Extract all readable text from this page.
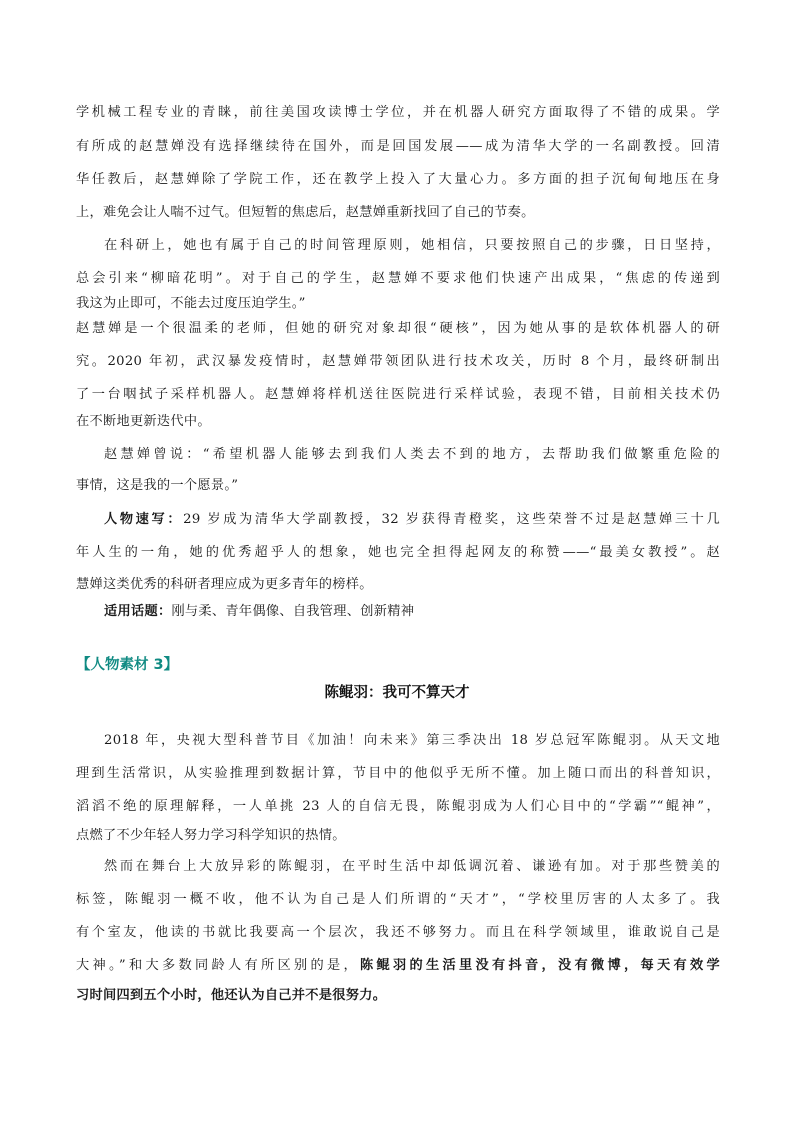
学机械工程专业的青睐，前往美国攻读博士学位，并在机器人研究方面取得了不错的成果。学
有所成的赵慧婵没有选择继续待在国外，而是回国发展——成为清华大学的一名副教授。回清
华任教后，赵慧婵除了学院工作，还在教学上投入了大量心力。多方面的担子沉甸甸地压在身
上，难免会让人喘不过气。但短暂的焦虑后，赵慧婵重新找回了自己的节奏。
在科研上，她也有属于自己的时间管理原则，她相信，只要按照自己的步骤，日日坚持，
总会引来“柳暗花明”。对于自己的学生，赵慧婵不要求他们快速产出成果，“焦虑的传递到
我这为止即可，不能去过度压迫学生。”
赵慧婵是一个很温柔的老师，但她的研究对象却很“硬核”，因为她从事的是软体机器人的研
究。2020 年初，武汉暴发疫情时，赵慧婵带领团队进行技术攻关，历时 8 个月，最终研制出
了一台咽拭子采样机器人。赵慧婵将样机送往医院进行采样试验，表现不错，目前相关技术仍
在不断地更新迭代中。
赵慧婵曾说：“希望机器人能够去到我们人类去不到的地方，去帮助我们做繁重危险的
事情，这是我的一个愿景。”
人物速写：29 岁成为清华大学副教授，32 岁获得青橙奖，这些荣誉不过是赵慧婵三十几
年人生的一角，她的优秀超乎人的想象，她也完全担得起网友的称赞——“最美女教授”。赵
慧婵这类优秀的科研者理应成为更多青年的榜样。
适用话题：刚与柔、青年偶像、自我管理、创新精神
【人物素材 3】
陈鲲羽：我可不算天才
2018 年，央视大型科普节目《加油！向未来》第三季决出 18 岁总冠军陈鲲羽。从天文地
理到生活常识，从实验推理到数据计算，节目中的他似乎无所不懂。加上随口而出的科普知识，
滔滔不绝的原理解释，一人单挑 23 人的自信无畏，陈鲲羽成为人们心目中的“学霸”“鲲神”，
点燃了不少年轻人努力学习科学知识的热情。
然而在舞台上大放异彩的陈鲲羽，在平时生活中却低调沉着、谦逊有加。对于那些赞美的
标签，陈鲲羽一概不收，他不认为自己是人们所谓的“天才”，“学校里厉害的人太多了。我
有个室友，他读的书就比我要高一个层次，我还不够努力。而且在科学领域里，谁敢说自己是
大神。”和大多数同龄人有所区别的是，陈鲲羽的生活里没有抖音，没有微博，每天有效学
习时间四到五个小时，他还认为自己并不是很努力。
